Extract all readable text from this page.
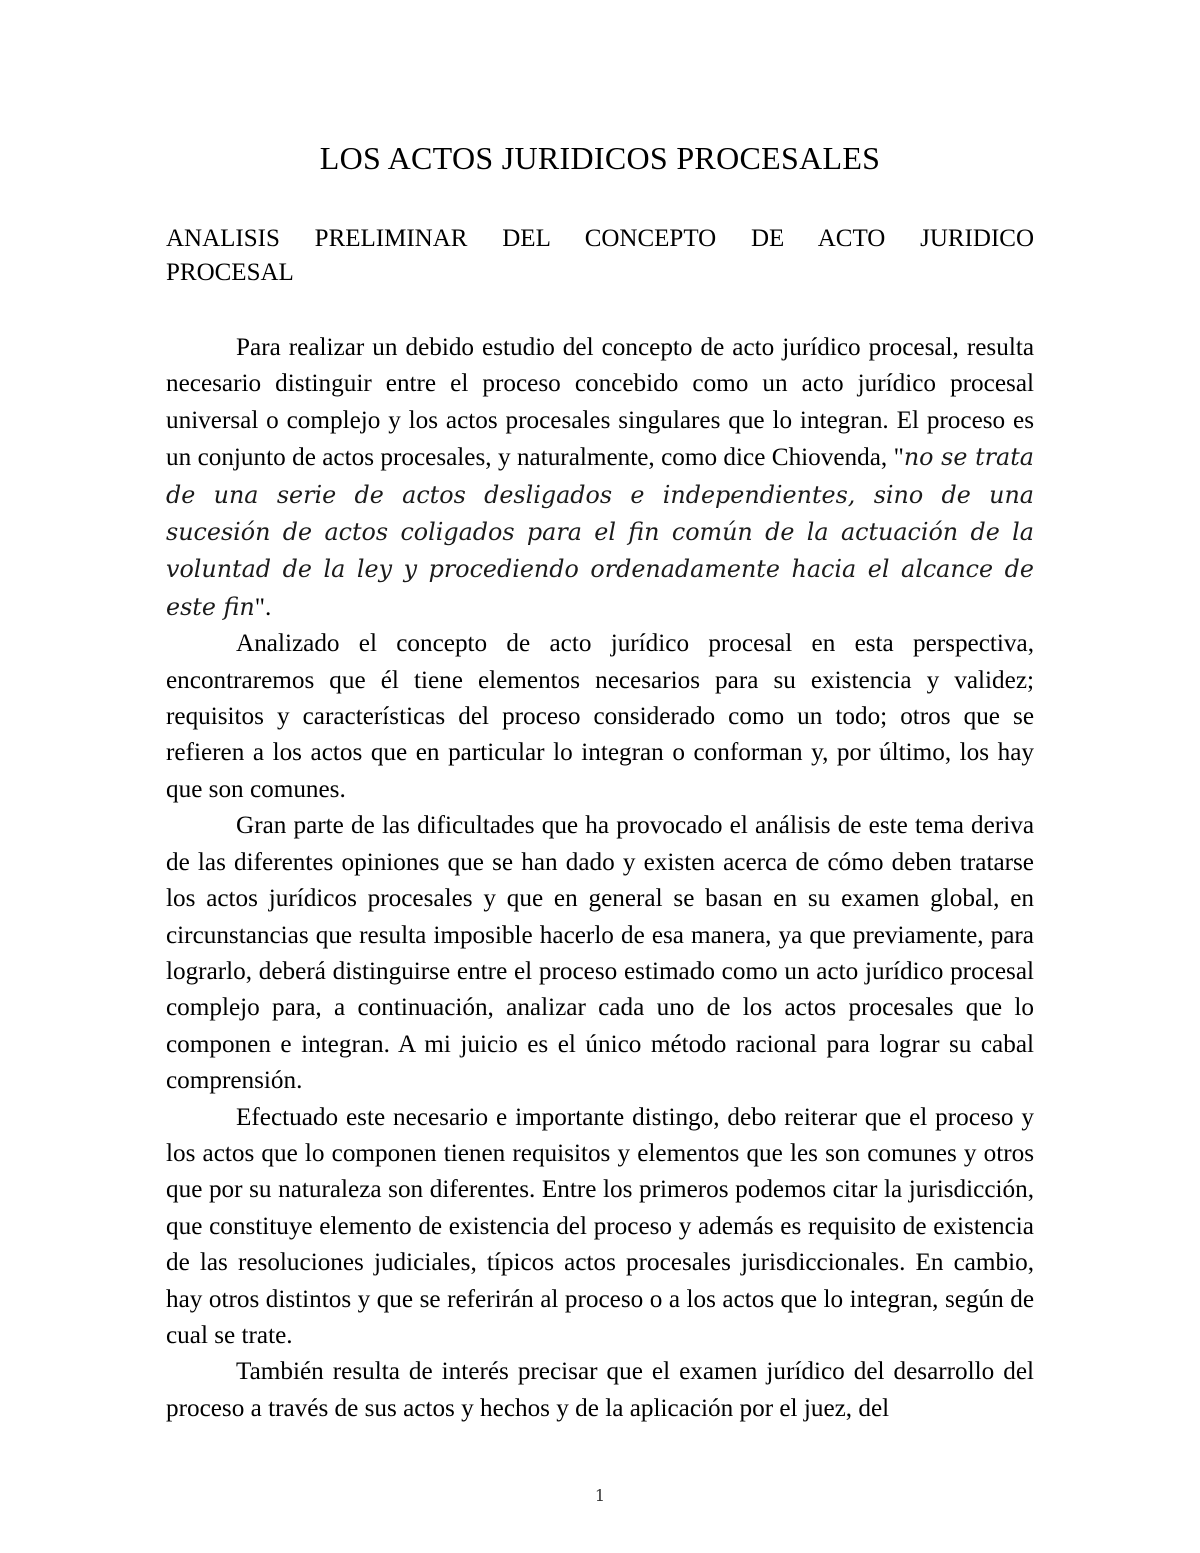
LOS ACTOS JURIDICOS PROCESALES
ANALISIS PRELIMINAR DEL CONCEPTO DE ACTO JURIDICO
PROCESAL

Para realizar un debido estudio del concepto de acto jurídico procesal, resulta necesario distinguir entre el proceso concebido como un acto jurídico procesal universal o complejo y los actos procesales singulares que lo integran. El proceso es un conjunto de actos procesales, y naturalmente, como dice Chiovenda, "no se trata de una serie de actos desligados e independientes, sino de una sucesión de actos coligados para el fin común de la actuación de la voluntad de la ley y procediendo ordenadamente hacia el alcance de este fin".

Analizado el concepto de acto jurídico procesal en esta perspectiva, encontraremos que él tiene elementos necesarios para su existencia y validez; requisitos y características del proceso considerado como un todo; otros que se refieren a los actos que en particular lo integran o conforman y, por último, los hay que son comunes.

Gran parte de las dificultades que ha provocado el análisis de este tema deriva de las diferentes opiniones que se han dado y existen acerca de cómo deben tratarse los actos jurídicos procesales y que en general se basan en su examen global, en circunstancias que resulta imposible hacerlo de esa manera, ya que previamente, para lograrlo, deberá distinguirse entre el proceso estimado como un acto jurídico procesal complejo para, a continuación, analizar cada uno de los actos procesales que lo componen e integran. A mi juicio es el único método racional para lograr su cabal comprensión.

Efectuado este necesario e importante distingo, debo reiterar que el proceso y los actos que lo componen tienen requisitos y elementos que les son comunes y otros que por su naturaleza son diferentes. Entre los primeros podemos citar la jurisdicción, que constituye elemento de existencia del proceso y además es requisito de existencia de las resoluciones judiciales, típicos actos procesales jurisdiccionales. En cambio, hay otros distintos y que se referirán al proceso o a los actos que lo integran, según de cual se trate.

También resulta de interés precisar que el examen jurídico del desarrollo del proceso a través de sus actos y hechos y de la aplicación por el juez, del

1
